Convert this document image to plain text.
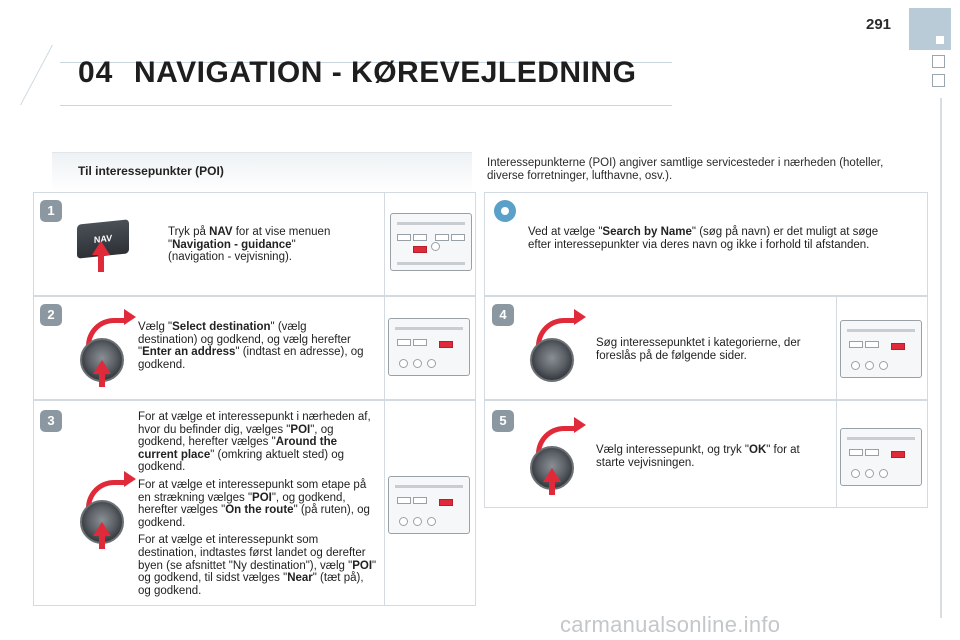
291
04 NAVIGATION - KØREVEJLEDNING
Til interessepunkter (POI)
Interessepunkterne (POI) angiver samtlige servicesteder i nærheden (hoteller, diverse forretninger, lufthavne, osv.).
1
NAV
Tryk på NAV for at vise menuen "Navigation - guidance" (navigation - vejvisning).
2
Vælg "Select destination" (vælg destination) og godkend, og vælg herefter "Enter an address" (indtast en adresse), og godkend.
3	For at vælge et interessepunkt i nærheden af, hvor du befinder dig, vælges "POI", og godkend, herefter vælges "Around the current place" (omkring aktuelt sted) og godkend.

For at vælge et interessepunkt som etape på en strækning vælges "POI", og godkend, herefter vælges "On the route" (på ruten), og godkend.

For at vælge et interessepunkt som destination, indtastes først landet og derefter byen (se afsnittet "Ny destination"), vælg "POI" og godkend, til sidst vælges "Near" (tæt på), og godkend.

Ved at vælge "Search by Name" (søg på navn) er det muligt at søge efter interessepunkter via deres navn og ikke i forhold til afstanden.
4
Søg interessepunktet i kategorierne, der foreslås på de følgende sider.
5
Vælg interessepunkt, og tryk "OK" for at starte vejvisningen.
carmanualsonline.info
